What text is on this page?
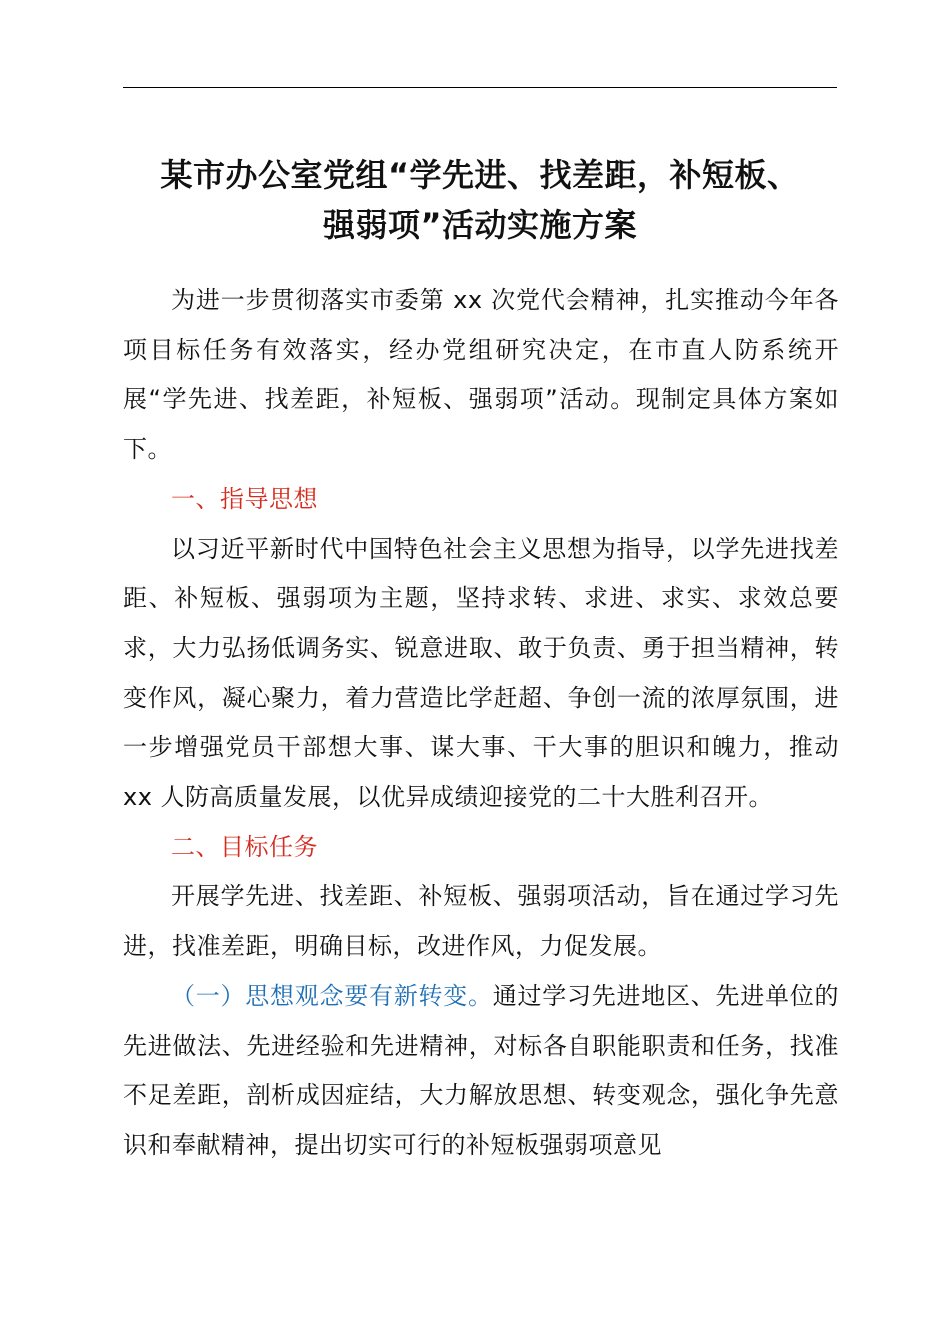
某市办公室党组“学先进、找差距，补短板、
强弱项”活动实施方案

为进一步贯彻落实市委第 xx 次党代会精神，扎实推动今年各项目标任务有效落实，经办党组研究决定，在市直人防系统开展“学先进、找差距，补短板、强弱项”活动。现制定具体方案如下。

一、指导思想

以习近平新时代中国特色社会主义思想为指导，以学先进找差距、补短板、强弱项为主题，坚持求转、求进、求实、求效总要求，大力弘扬低调务实、锐意进取、敢于负责、勇于担当精神，转变作风，凝心聚力，着力营造比学赶超、争创一流的浓厚氛围，进一步增强党员干部想大事、谋大事、干大事的胆识和魄力，推动 xx 人防高质量发展，以优异成绩迎接党的二十大胜利召开。

二、目标任务

开展学先进、找差距、补短板、强弱项活动，旨在通过学习先进，找准差距，明确目标，改进作风，力促发展。

（一）思想观念要有新转变。通过学习先进地区、先进单位的先进做法、先进经验和先进精神，对标各自职能职责和任务，找准不足差距，剖析成因症结，大力解放思想、转变观念，强化争先意识和奉献精神，提出切实可行的补短板强弱项意见
